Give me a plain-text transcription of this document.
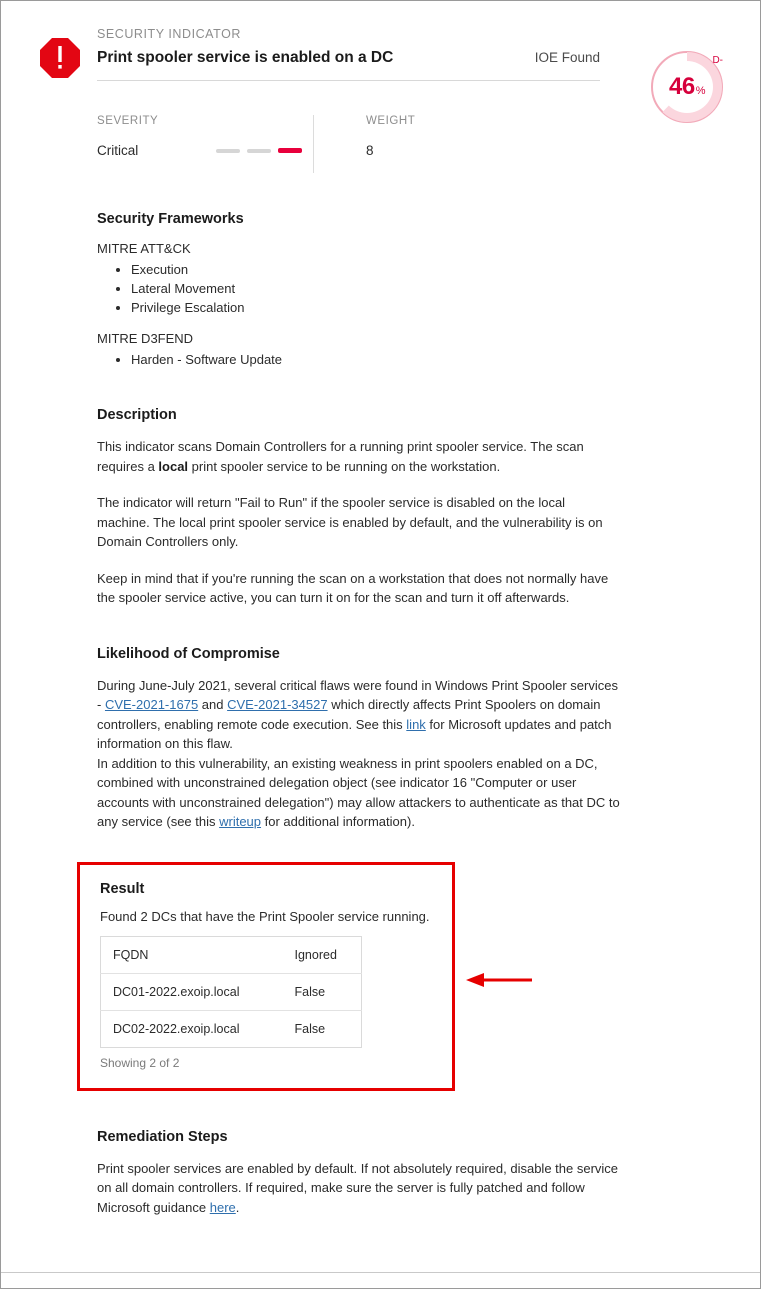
SECURITY INDICATOR
Print spooler service is enabled on a DC	IOE Found
46 %
D-
SEVERITY
Critical
WEIGHT
8
Security Frameworks
MITRE ATT&CK
• Execution
• Lateral Movement
• Privilege Escalation
MITRE D3FEND
• Harden - Software Update
Description

This indicator scans Domain Controllers for a running print spooler service. The scan requires a local print spooler service to be running on the workstation.

The indicator will return "Fail to Run" if the spooler service is disabled on the local machine. The local print spooler service is enabled by default, and the vulnerability is on Domain Controllers only.

Keep in mind that if you're running the scan on a workstation that does not normally have the spooler service active, you can turn it on for the scan and turn it off afterwards.

Likelihood of Compromise

During June-July 2021, several critical flaws were found in Windows Print Spooler services - CVE-2021-1675 and CVE-2021-34527 which directly affects Print Spoolers on domain controllers, enabling remote code execution. See this link for Microsoft updates and patch information on this flaw.

In addition to this vulnerability, an existing weakness in print spoolers enabled on a DC, combined with unconstrained delegation object (see indicator 16 "Computer or user accounts with unconstrained delegation") may allow attackers to authenticate as that DC to any service (see this writeup for additional information).

Result
Found 2 DCs that have the Print Spooler service running.
FQDN	Ignored
DC01-2022.exoip.local	False
DC02-2022.exoip.local	False
Showing 2 of 2
Remediation Steps

Print spooler services are enabled by default. If not absolutely required, disable the service on all domain controllers. If required, make sure the server is fully patched and follow Microsoft guidance here.
